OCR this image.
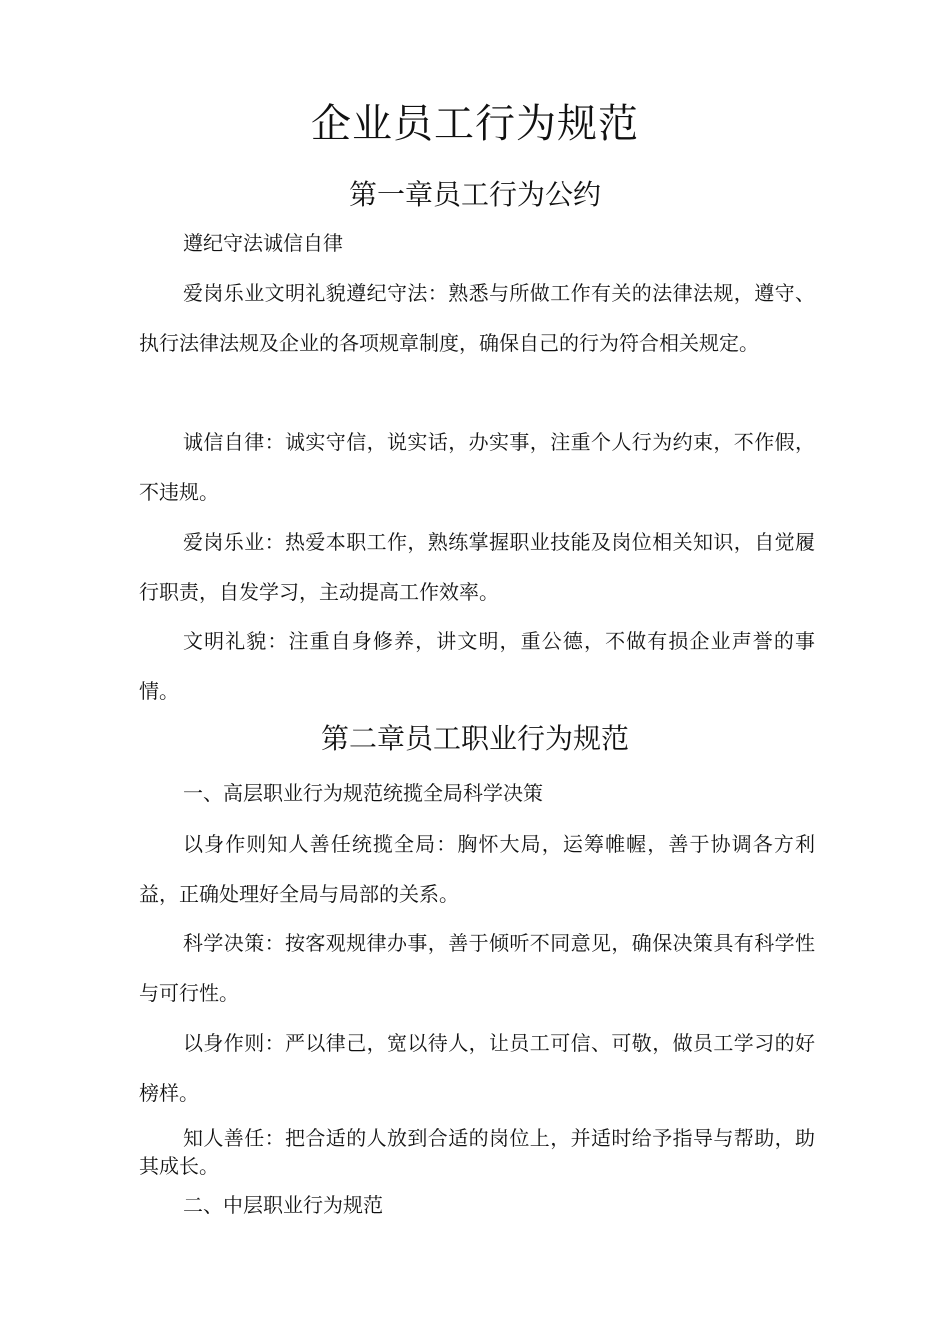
企业员工行为规范
第一章员工行为公约

遵纪守法诚信自律

爱岗乐业文明礼貌遵纪守法：熟悉与所做工作有关的法律法规，遵守、执行法律法规及企业的各项规章制度，确保自己的行为符合相关规定。

诚信自律：诚实守信，说实话，办实事，注重个人行为约束，不作假，不违规。

爱岗乐业：热爱本职工作，熟练掌握职业技能及岗位相关知识，自觉履行职责，自发学习，主动提高工作效率。

文明礼貌：注重自身修养，讲文明，重公德，不做有损企业声誉的事情。

第二章员工职业行为规范

一、高层职业行为规范统揽全局科学决策

以身作则知人善任统揽全局：胸怀大局，运筹帷幄，善于协调各方利益，正确处理好全局与局部的关系。

科学决策：按客观规律办事，善于倾听不同意见，确保决策具有科学性与可行性。

以身作则：严以律己，宽以待人，让员工可信、可敬，做员工学习的好榜样。

知人善任：把合适的人放到合适的岗位上，并适时给予指导与帮助，助其成长。

二、中层职业行为规范
